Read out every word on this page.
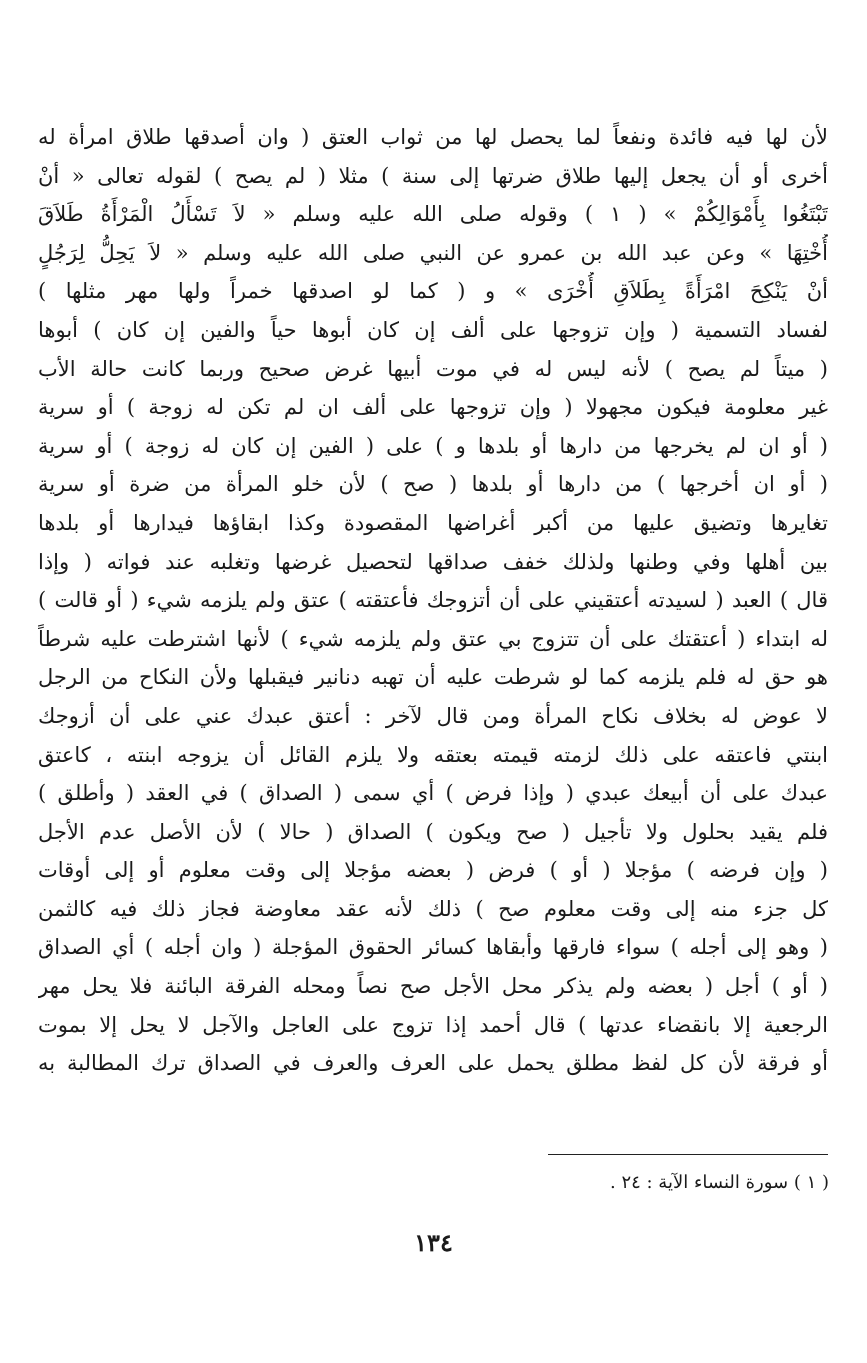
لأن لها فيه فائدة ونفعاً لما يحصل لها من ثواب العتق ( وان أصدقها طلاق امرأة له
أخرى أو أن يجعل إليها طلاق ضرتها إلى سنة ) مثلا ( لم يصح ) لقوله تعالى « أنْ
تَبْتَغُوا بِأَمْوَالِكُمْ » ( ١ ) وقوله صلى الله عليه وسلم « لاَ تَسْأَلُ الْمَرْأَةُ طَلاَقَ
أُخْتِهَا » وعن عبد الله بن عمرو عن النبي صلى الله عليه وسلم « لاَ يَحِلُّ لِرَجُلٍ
أنْ يَنْكِحَ امْرَأَةً بِطَلاَقِ أُخْرَى » و ( كما لو اصدقها خمراً ولها مهر مثلها )
لفساد التسمية ( وإن تزوجها على ألف إن كان أبوها حياً والفين إن كان ) أبوها
( ميتاً لم يصح ) لأنه ليس له في موت أبيها غرض صحيح وربما كانت حالة الأب
غير معلومة فيكون مجهولا ( وإن تزوجها على ألف ان لم تكن له زوجة ) أو سرية
( أو ان لم يخرجها من دارها أو بلدها و ) على ( الفين إن كان له زوجة ) أو سرية
( أو ان أخرجها ) من دارها أو بلدها ( صح ) لأن خلو المرأة من ضرة أو سرية
تغايرها وتضيق عليها من أكبر أغراضها المقصودة وكذا ابقاؤها فيدارها أو بلدها
بين أهلها وفي وطنها ولذلك خفف صداقها لتحصيل غرضها وتغلبه عند فواته ( وإذا
قال ) العبد ( لسيدته أعتقيني على أن أتزوجك فأعتقته ) عتق ولم يلزمه شيء ( أو قالت )
له ابتداء ( أعتقتك على أن تتزوج بي عتق ولم يلزمه شيء ) لأنها اشترطت عليه شرطاً
هو حق له فلم يلزمه كما لو شرطت عليه أن تهبه دنانير فيقبلها ولأن النكاح من الرجل
لا عوض له بخلاف نكاح المرأة ومن قال لآخر : أعتق عبدك عني على أن أزوجك
ابنتي فاعتقه على ذلك لزمته قيمته بعتقه ولا يلزم القائل أن يزوجه ابنته ، كاعتق
عبدك على أن أبيعك عبدي ( وإذا فرض ) أي سمى ( الصداق ) في العقد ( وأطلق )
فلم يقيد بحلول ولا تأجيل ( صح ويكون ) الصداق ( حالا ) لأن الأصل عدم الأجل
( وإن فرضه ) مؤجلا ( أو ) فرض ( بعضه مؤجلا إلى وقت معلوم أو إلى أوقات
كل جزء منه إلى وقت معلوم صح ) ذلك لأنه عقد معاوضة فجاز ذلك فيه كالثمن
( وهو إلى أجله ) سواء فارقها وأبقاها كسائر الحقوق المؤجلة ( وان أجله ) أي الصداق
( أو ) أجل ( بعضه ولم يذكر محل الأجل صح نصاً ومحله الفرقة البائنة فلا يحل مهر
الرجعية إلا بانقضاء عدتها ) قال أحمد إذا تزوج على العاجل والآجل لا يحل إلا بموت
أو فرقة لأن كل لفظ مطلق يحمل على العرف والعرف في الصداق ترك المطالبة به
( ١ ) سورة النساء الآية : ٢٤ .
١٣٤
